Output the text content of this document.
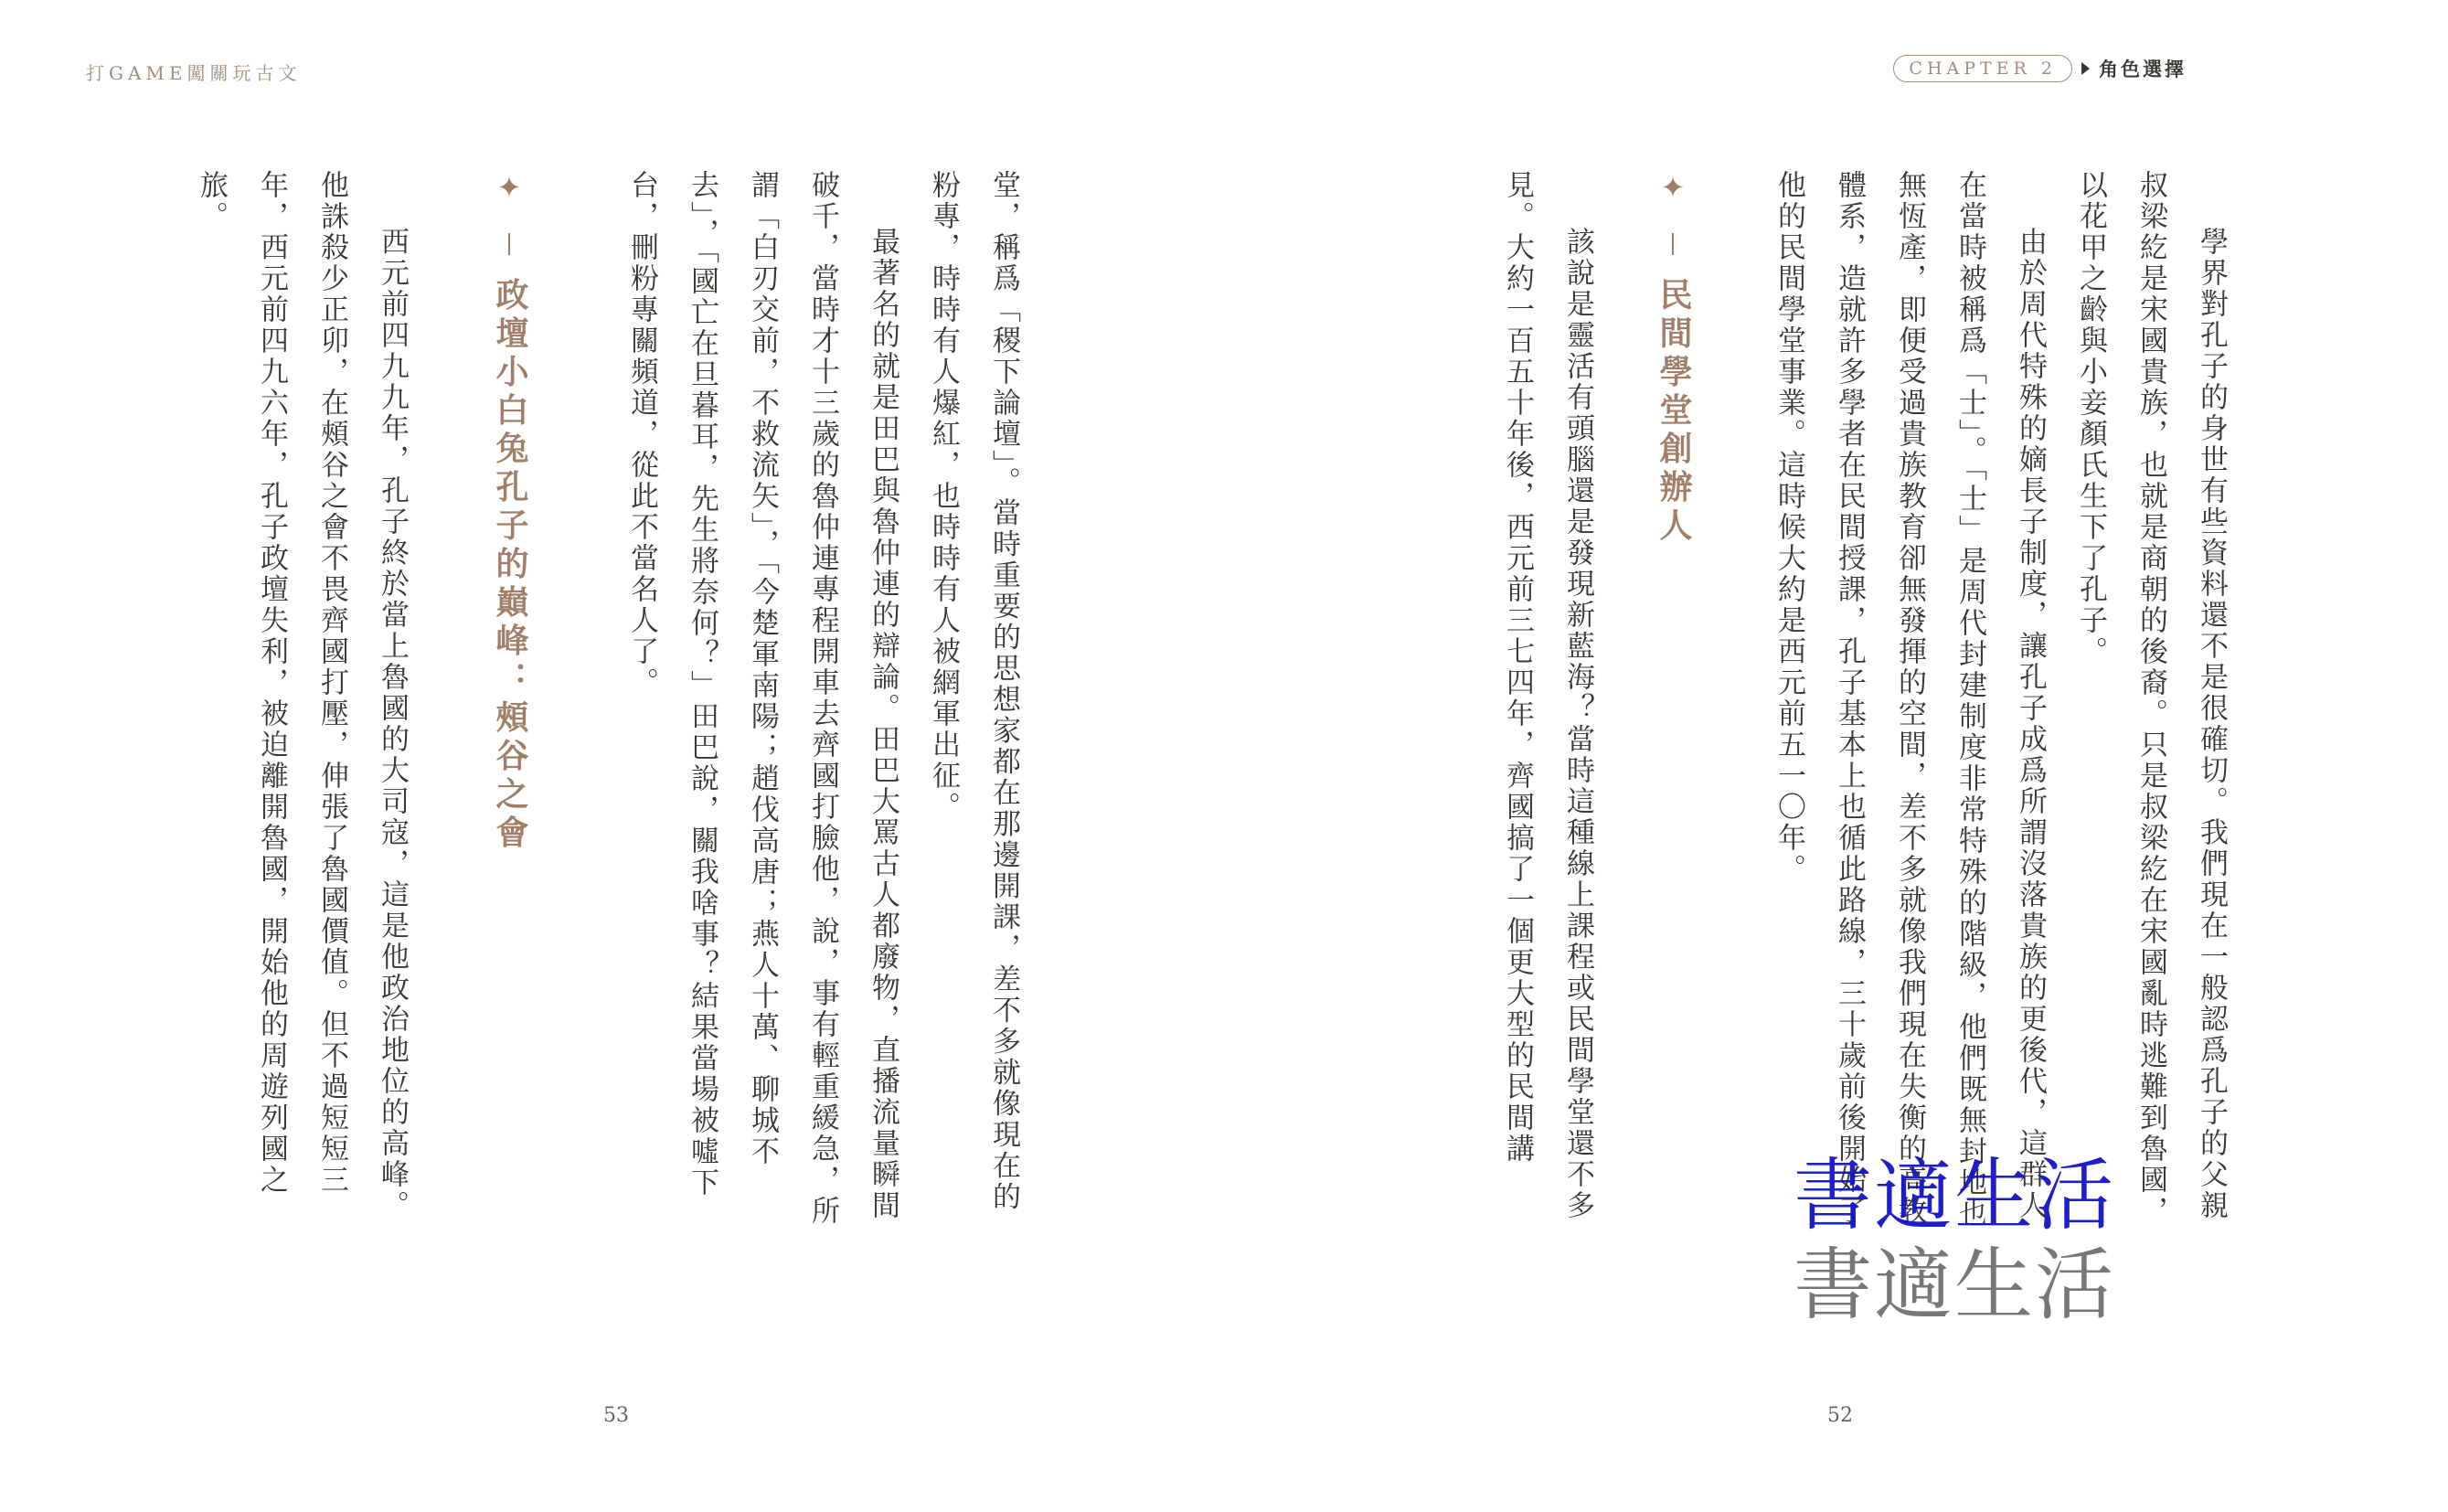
打GAME闖關玩古文

堂，稱爲「稷下論壇」。當時重要的思想家都在那邊開課，差不多就像現在的粉專，時時有人爆紅，也時時有人被網軍出征。

最著名的就是田巴與魯仲連的辯論。田巴大罵古人都廢物，直播流量瞬間破千，當時才十三歲的魯仲連專程開車去齊國打臉他，說，事有輕重緩急，所謂「白刃交前，不救流矢」，「今楚軍南陽；趙伐高唐；燕人十萬、聊城不去」，「國亡在旦暮耳，先生將奈何？」田巴說，關我啥事？結果當場被噓下台，刪粉專關頻道，從此不當名人了。

✦  政壇小白兔孔子的巔峰：頰谷之會

西元前四九九年，孔子終於當上魯國的大司寇，這是他政治地位的高峰。他誅殺少正卯，在頰谷之會不畏齊國打壓，伸張了魯國價值。但不過短短三年，西元前四九六年，孔子政壇失利，被迫離開魯國，開始他的周遊列國之旅。

53
CHAPTER 2	角色選擇

學界對孔子的身世有些資料還不是很確切。我們現在一般認爲孔子的父親叔梁紇是宋國貴族，也就是商朝的後裔。只是叔梁紇在宋國亂時逃難到魯國，以花甲之齡與小妾顏氏生下了孔子。

由於周代特殊的嫡長子制度，讓孔子成爲所謂沒落貴族的更後代，這群人在當時被稱爲「士」。「士」是周代封建制度非常特殊的階級，他們既無封地也無恆產，即便受過貴族教育卻無發揮的空間，差不多就像我們現在失衡的高教體系，造就許多學者在民間授課，孔子基本上也循此路線，三十歲前後開始了他的民間學堂事業。這時候大約是西元前五一〇年。

✦  民間學堂創辦人

該說是靈活有頭腦還是發現新藍海？當時這種線上課程或民間學堂還不多見。大約一百五十年後，西元前三七四年，齊國搞了一個更大型的民間講

52
書適生活
書適生活
